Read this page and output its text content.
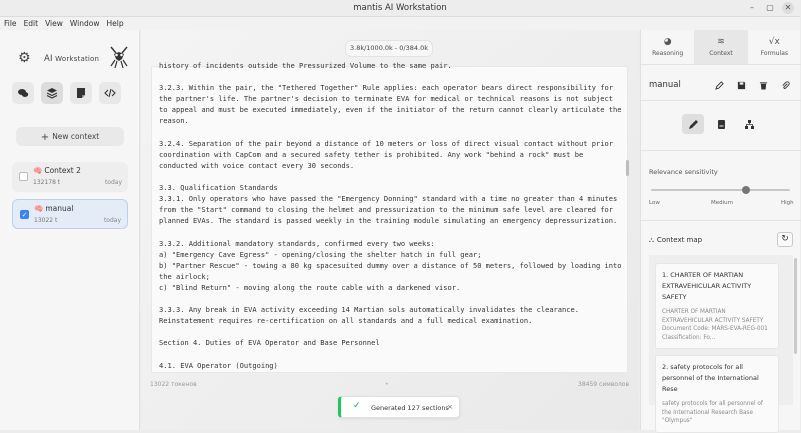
mantis AI Workstation	–	▢	✕
File Edit View Window Help
⚙ AI Workstation
+ New context
🧠 Context 2
132178 t	today
✓
🧠 manual
13022 t	today
3.8k/1000.0k - 0/384.0k
history of incidents outside the Pressurized Volume to the same pair.

3.2.3. Within the pair, the "Tethered Together" Rule applies: each operator bears direct responsibility for
the partner's life. The partner's decision to terminate EVA for medical or technical reasons is not subject
to appeal and must be executed immediately, even if the initiator of the return cannot clearly articulate the
reason.

3.2.4. Separation of the pair beyond a distance of 10 meters or loss of direct visual contact without prior
coordination with CapCom and a secured safety tether is prohibited. Any work "behind a rock" must be
conducted with voice contact every 30 seconds.

3.3. Qualification Standards
3.3.1. Only operators who have passed the "Emergency Donning" standard with a time no greater than 4 minutes
from the "Start" command to closing the helmet and pressurization to the minimum safe level are cleared for
planned EVAs. The standard is passed weekly in the training module simulating an emergency depressurization.

3.3.2. Additional mandatory standards, confirmed every two weeks:
a) "Emergency Cave Egress" - opening/closing the shelter hatch in full gear;
b) "Partner Rescue" - towing a 80 kg spacesuited dummy over a distance of 50 meters, followed by loading into
the airlock;
c) "Blind Return" - moving along the route cable with a darkened visor.

3.3.3. Any break in EVA activity exceeding 14 Martian sols automatically invalidates the clearance.
Reinstatement requires re-certification on all standards and a full medical examination.

Section 4. Duties of EVA Operator and Base Personnel

4.1. EVA Operator (Outgoing)
13022 токенов	•	38459 символов
✓ Generated 127 sections
×
◕
Reasoning
≋
Context
√x
Formulas
manual
Relevance sensitivity
Low	Medium	High
⛬ Context map	↻
1. CHARTER OF MARTIAN EXTRAVEHICULAR ACTIVITY SAFETY
CHARTER OF MARTIAN EXTRAVEHICULAR ACTIVITY SAFETY Document Code: MARS-EVA-REG-001 Classification: Fo...
2. safety protocols for all personnel of the International Rese
safety protocols for all personnel of the International Research Base "Olympus"
